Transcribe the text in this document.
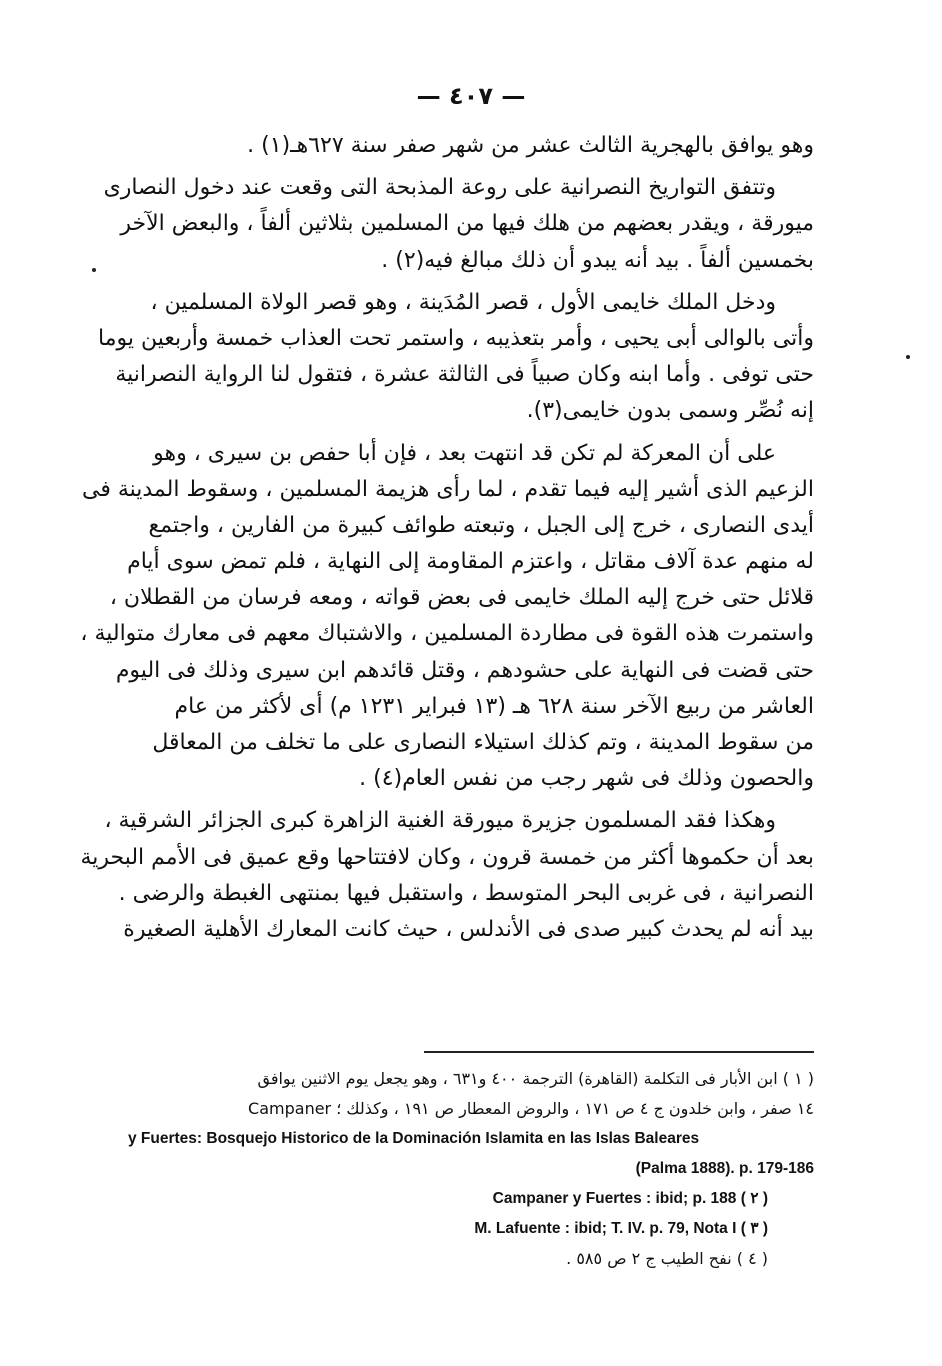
— ٤٠٧ —
وهو يوافق بالهجرية الثالث عشر من شهر صفر سنة ٦٢٧هـ(١) .
وتتفق التواريخ النصرانية على روعة المذبحة التى وقعت عند دخول النصارى
ميورقة ، ويقدر بعضهم من هلك فيها من المسلمين بثلاثين ألفاً ، والبعض الآخر
بخمسين ألفاً . بيد أنه يبدو أن ذلك مبالغ فيه(٢) .
ودخل الملك خايمى الأول ، قصر المُدَينة ، وهو قصر الولاة المسلمين ،
وأتى بالوالى أبى يحيى ، وأمر بتعذيبه ، واستمر تحت العذاب خمسة وأربعين يوما
حتى توفى . وأما ابنه وكان صبياً فى الثالثة عشرة ، فتقول لنا الرواية النصرانية
إنه نُصِّر وسمى بدون خايمى(٣).
على أن المعركة لم تكن قد انتهت بعد ، فإن أبا حفص بن سيرى ، وهو
الزعيم الذى أشير إليه فيما تقدم ، لما رأى هزيمة المسلمين ، وسقوط المدينة فى
أيدى النصارى ، خرج إلى الجبل ، وتبعته طوائف كبيرة من الفارين ، واجتمع
له منهم عدة آلاف مقاتل ، واعتزم المقاومة إلى النهاية ، فلم تمض سوى أيام
قلائل حتى خرج إليه الملك خايمى فى بعض قواته ، ومعه فرسان من القطلان ،
واستمرت هذه القوة فى مطاردة المسلمين ، والاشتباك معهم فى معارك متوالية ،
حتى قضت فى النهاية على حشودهم ، وقتل قائدهم ابن سيرى وذلك فى اليوم
العاشر من ربيع الآخر سنة ٦٢٨ هـ (١٣ فبراير ١٢٣١ م) أى لأكثر من عام
من سقوط المدينة ، وتم كذلك استيلاء النصارى على ما تخلف من المعاقل
والحصون وذلك فى شهر رجب من نفس العام(٤) .
وهكذا فقد المسلمون جزيرة ميورقة الغنية الزاهرة كبرى الجزائر الشرقية ،
بعد أن حكموها أكثر من خمسة قرون ، وكان لافتتاحها وقع عميق فى الأمم البحرية
النصرانية ، فى غربى البحر المتوسط ، واستقبل فيها بمنتهى الغبطة والرضى .
بيد أنه لم يحدث كبير صدى فى الأندلس ، حيث كانت المعارك الأهلية الصغيرة
( ١ ) ابن الأبار فى التكلمة (القاهرة) الترجمة ٤٠٠ و٦٣١ ، وهو يجعل يوم الاثنين يوافق
١٤ صفر ، وابن خلدون ج ٤ ص ١٧١ ، والروض المعطار ص ١٩١ ، وكذلك ؛ Campaner
y Fuertes: Bosquejo Historico de la Dominación Islamita en las Islas Baleares
(Palma 1888). p. 179-186
Campaner y Fuertes : ibid; p. 188 ( ٢ )
M. Lafuente : ibid; T. IV. p. 79, Nota I ( ٣ )
( ٤ ) نفح الطيب ج ٢ ص ٥٨٥ .
